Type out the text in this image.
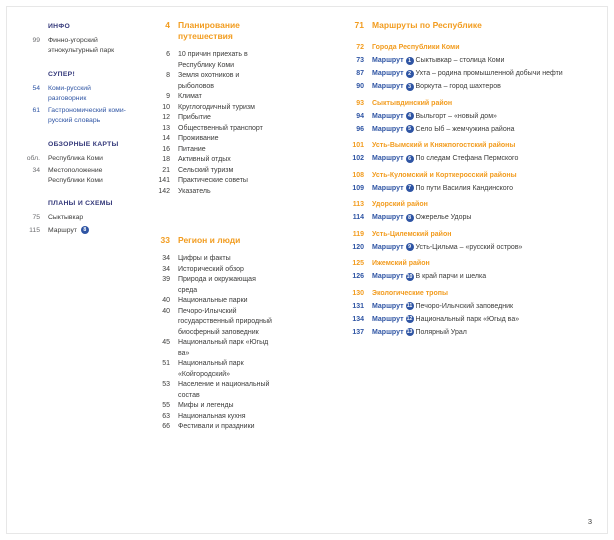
ИНФО
99 Финно-угорский этнокультурный парк
СУПЕР!
54 Коми-русский разговорник
61 Гастрономический коми-русский словарь
ОБЗОРНЫЕ КАРТЫ
обл. Республика Коми
34 Местоположение Республики Коми
ПЛАНЫ И СХЕМЫ
75 Сыктывкар
115 Маршрут 8
4 Планирование путешествия
6 10 причин приехать в Республику Коми
8 Земля охотников и рыболовов
9 Климат
10 Круглогодичный туризм
12 Прибытие
13 Общественный транспорт
14 Проживание
16 Питание
18 Активный отдых
21 Сельский туризм
141 Практические советы
142 Указатель
33 Регион и люди
34 Цифры и факты
34 Исторический обзор
39 Природа и окружающая среда
40 Национальные парки
40 Печоро-Илычский государственный природный биосферный заповедник
45 Национальный парк «Югыд ва»
51 Национальный парк «Койгородский»
53 Население и национальный состав
55 Мифы и легенды
63 Национальная кухня
66 Фестивали и праздники
71 Маршруты по Республике
72 Города Республики Коми
73 Маршрут 1 Сыктывкар – столица Коми
87 Маршрут 2 Ухта – родина промышленной добычи нефти
90 Маршрут 3 Воркута – город шахтеров
93 Сыктывдинский район
94 Маршрут 4 Выльгорт – «новый дом»
96 Маршрут 5 Село Ыб – жемчужина района
101 Усть-Вымский и Княжпогостский районы
102 Маршрут 6 По следам Стефана Пермского
108 Усть-Куломский и Корткеросский районы
109 Маршрут 7 По пути Василия Кандинского
113 Удорский район
114 Маршрут 8 Ожерелье Удоры
119 Усть-Цилемский район
120 Маршрут 9 Усть-Цильма – «русский остров»
125 Ижемский район
126 Маршрут 10 В край парчи и шелка
130 Экологические тропы
131 Маршрут 11 Печоро-Илычский заповедник
134 Маршрут 12 Национальный парк «Югыд ва»
137 Маршрут 13 Полярный Урал
3
